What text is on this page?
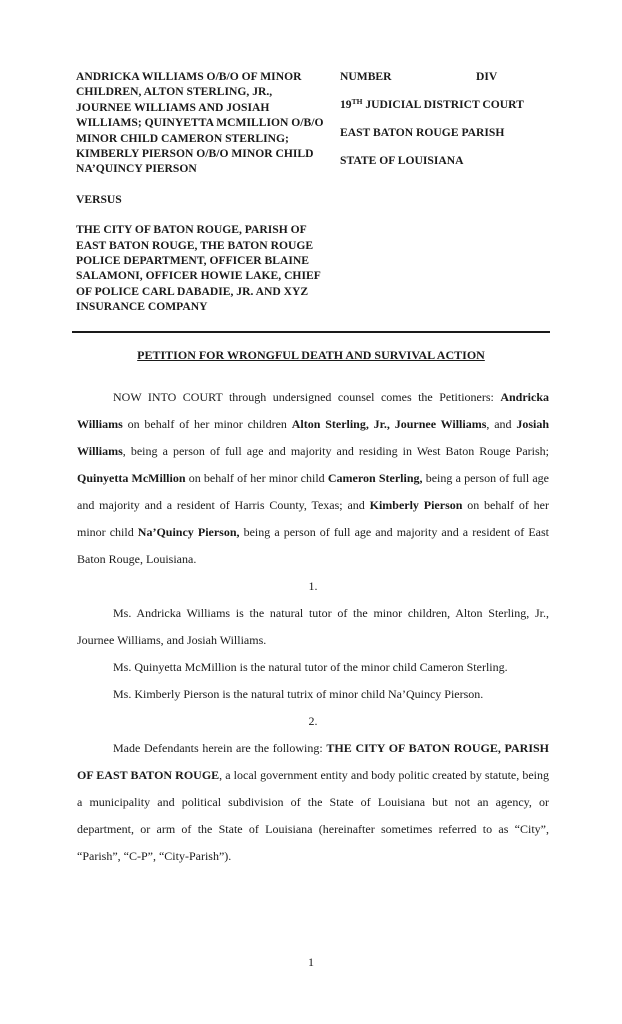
ANDRICKA WILLIAMS O/B/O OF MINOR CHILDREN, ALTON STERLING, JR., JOURNEE WILLIAMS AND JOSIAH WILLIAMS; QUINYETTA MCMILLION O/B/O MINOR CHILD CAMERON STERLING; KIMBERLY PIERSON O/B/O MINOR CHILD NA’QUINCY PIERSON

VERSUS

THE CITY OF BATON ROUGE, PARISH OF EAST BATON ROUGE, THE BATON ROUGE POLICE DEPARTMENT, OFFICER BLAINE SALAMONI, OFFICER HOWIE LAKE, CHIEF OF POLICE CARL DABADIE, JR. AND XYZ INSURANCE COMPANY

NUMBER	DIV
19TH JUDICIAL DISTRICT COURT
EAST BATON ROUGE PARISH
STATE OF LOUISIANA
PETITION FOR WRONGFUL DEATH AND SURVIVAL ACTION

NOW INTO COURT through undersigned counsel comes the Petitioners: Andricka Williams on behalf of her minor children Alton Sterling, Jr., Journee Williams, and Josiah Williams, being a person of full age and majority and residing in West Baton Rouge Parish; Quinyetta McMillion on behalf of her minor child Cameron Sterling, being a person of full age and majority and a resident of Harris County, Texas; and Kimberly Pierson on behalf of her minor child Na’Quincy Pierson, being a person of full age and majority and a resident of East Baton Rouge, Louisiana.

1.

Ms. Andricka Williams is the natural tutor of the minor children, Alton Sterling, Jr., Journee Williams, and Josiah Williams.

Ms. Quinyetta McMillion is the natural tutor of the minor child Cameron Sterling.

Ms. Kimberly Pierson is the natural tutrix of minor child Na’Quincy Pierson.

2.

Made Defendants herein are the following: THE CITY OF BATON ROUGE, PARISH OF EAST BATON ROUGE, a local government entity and body politic created by statute, being a municipality and political subdivision of the State of Louisiana but not an agency, or department, or arm of the State of Louisiana (hereinafter sometimes referred to as “City”, “Parish”, “C-P”, “City-Parish”).

1
